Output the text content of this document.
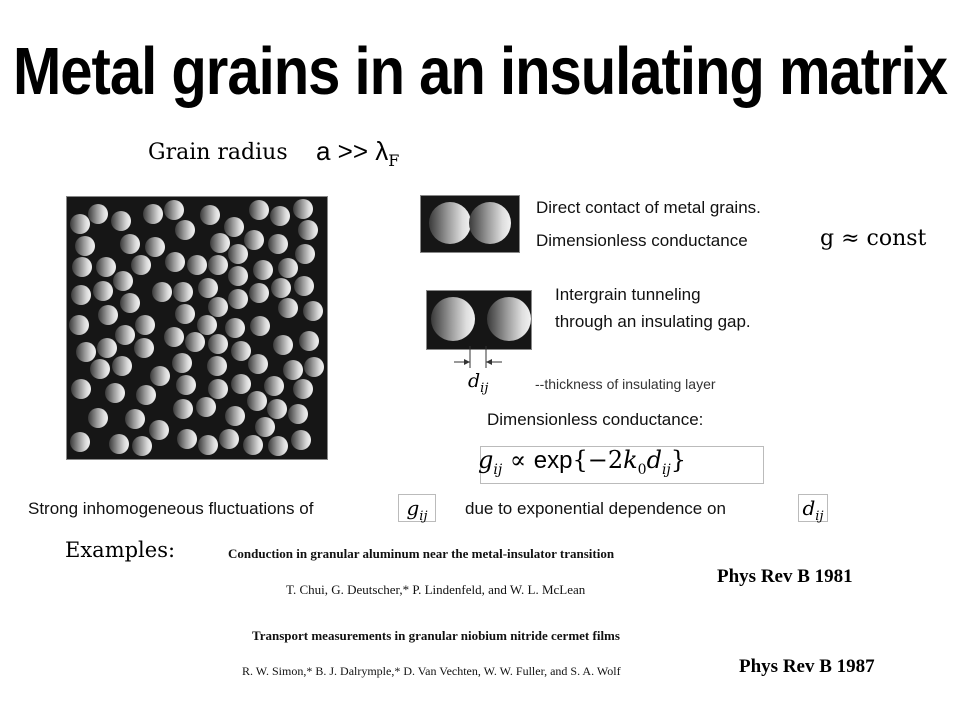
Metal grains in an insulating matrix
Grain radius $a >> \lambda_F$
Direct contact of metal grains.
Dimensionless conductance	g ≈ const
$d_{ij}$
Intergrain tunneling
through an insulating gap.
--thickness of insulating layer
Dimensionless conductance:
$g_{ij} \propto \exp\{-2k_0d_{ij}\}$
Strong inhomogeneous fluctuations of	$g_{ij}$	due to exponential dependence on	$d_{ij}$
Examples:	Conduction in granular aluminum near the metal-insulator transition
T. Chui, G. Deutscher,* P. Lindenfeld, and W. L. McLean
Phys Rev B 1981
Transport measurements in granular niobium nitride cermet films
R. W. Simon,* B. J. Dalrymple,* D. Van Vechten, W. W. Fuller, and S. A. Wolf	Phys Rev B 1987
